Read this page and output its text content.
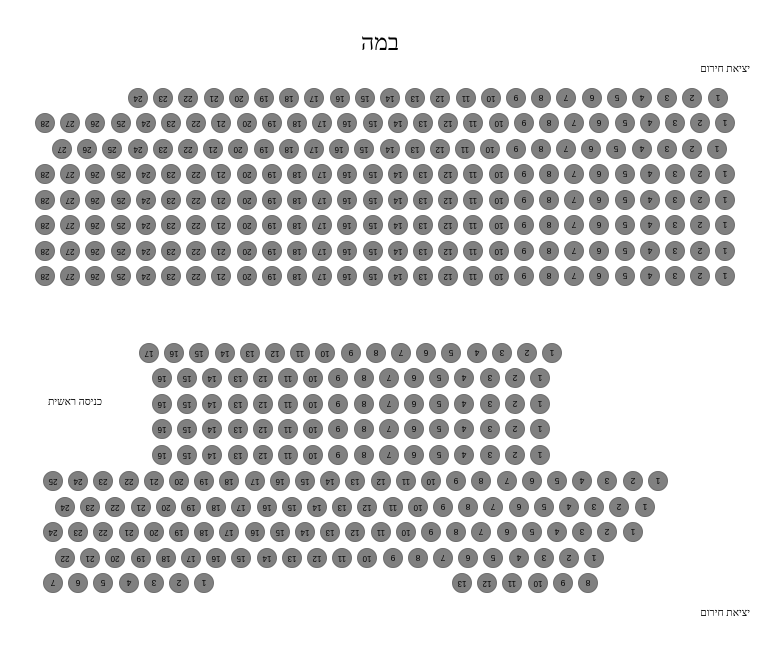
במה
יציאת חירום
יציאת חירום
כניסה ראשית
1
2
3
4
5
6
7
8
9
10
11
12
13
14
15
16
17
18
19
20
21
22
23
24
1
2
3
4
5
6
7
8
9
10
11
12
13
14
15
16
17
18
19
20
21
22
23
24
25
26
27
28
1
2
3
4
5
6
7
8
9
10
11
12
13
14
15
16
17
18
19
20
21
22
23
24
25
26
27
1
2
3
4
5
6
7
8
9
10
11
12
13
14
15
16
17
18
19
20
21
22
23
24
25
26
27
28
1
2
3
4
5
6
7
8
9
10
11
12
13
14
15
16
17
18
19
20
21
22
23
24
25
26
27
28
1
2
3
4
5
6
7
8
9
10
11
12
13
14
15
16
17
18
19
20
21
22
23
24
25
26
27
28
1
2
3
4
5
6
7
8
9
10
11
12
13
14
15
16
17
18
19
20
21
22
23
24
25
26
27
28
1
2
3
4
5
6
7
8
9
10
11
12
13
14
15
16
17
18
19
20
21
22
23
24
25
26
27
28
1
2
3
4
5
6
7
8
9
10
11
12
13
14
15
16
17
1
2
3
4
5
6
7
8
9
10
11
12
13
14
15
16
1
2
3
4
5
6
7
8
9
10
11
12
13
14
15
16
1
2
3
4
5
6
7
8
9
10
11
12
13
14
15
16
1
2
3
4
5
6
7
8
9
10
11
12
13
14
15
16
1
2
3
4
5
6
7
8
9
10
11
12
13
14
15
16
17
18
19
20
21
22
23
24
25
1
2
3
4
5
6
7
8
9
10
11
12
13
14
15
16
17
18
19
20
21
22
23
24
1
2
3
4
5
6
7
8
9
10
11
12
13
14
15
16
17
18
19
20
21
22
23
24
1
2
3
4
5
6
7
8
9
10
11
12
13
14
15
16
17
18
19
20
21
22
1
2
3
4
5
6
7	8
9
10
11
12
13
